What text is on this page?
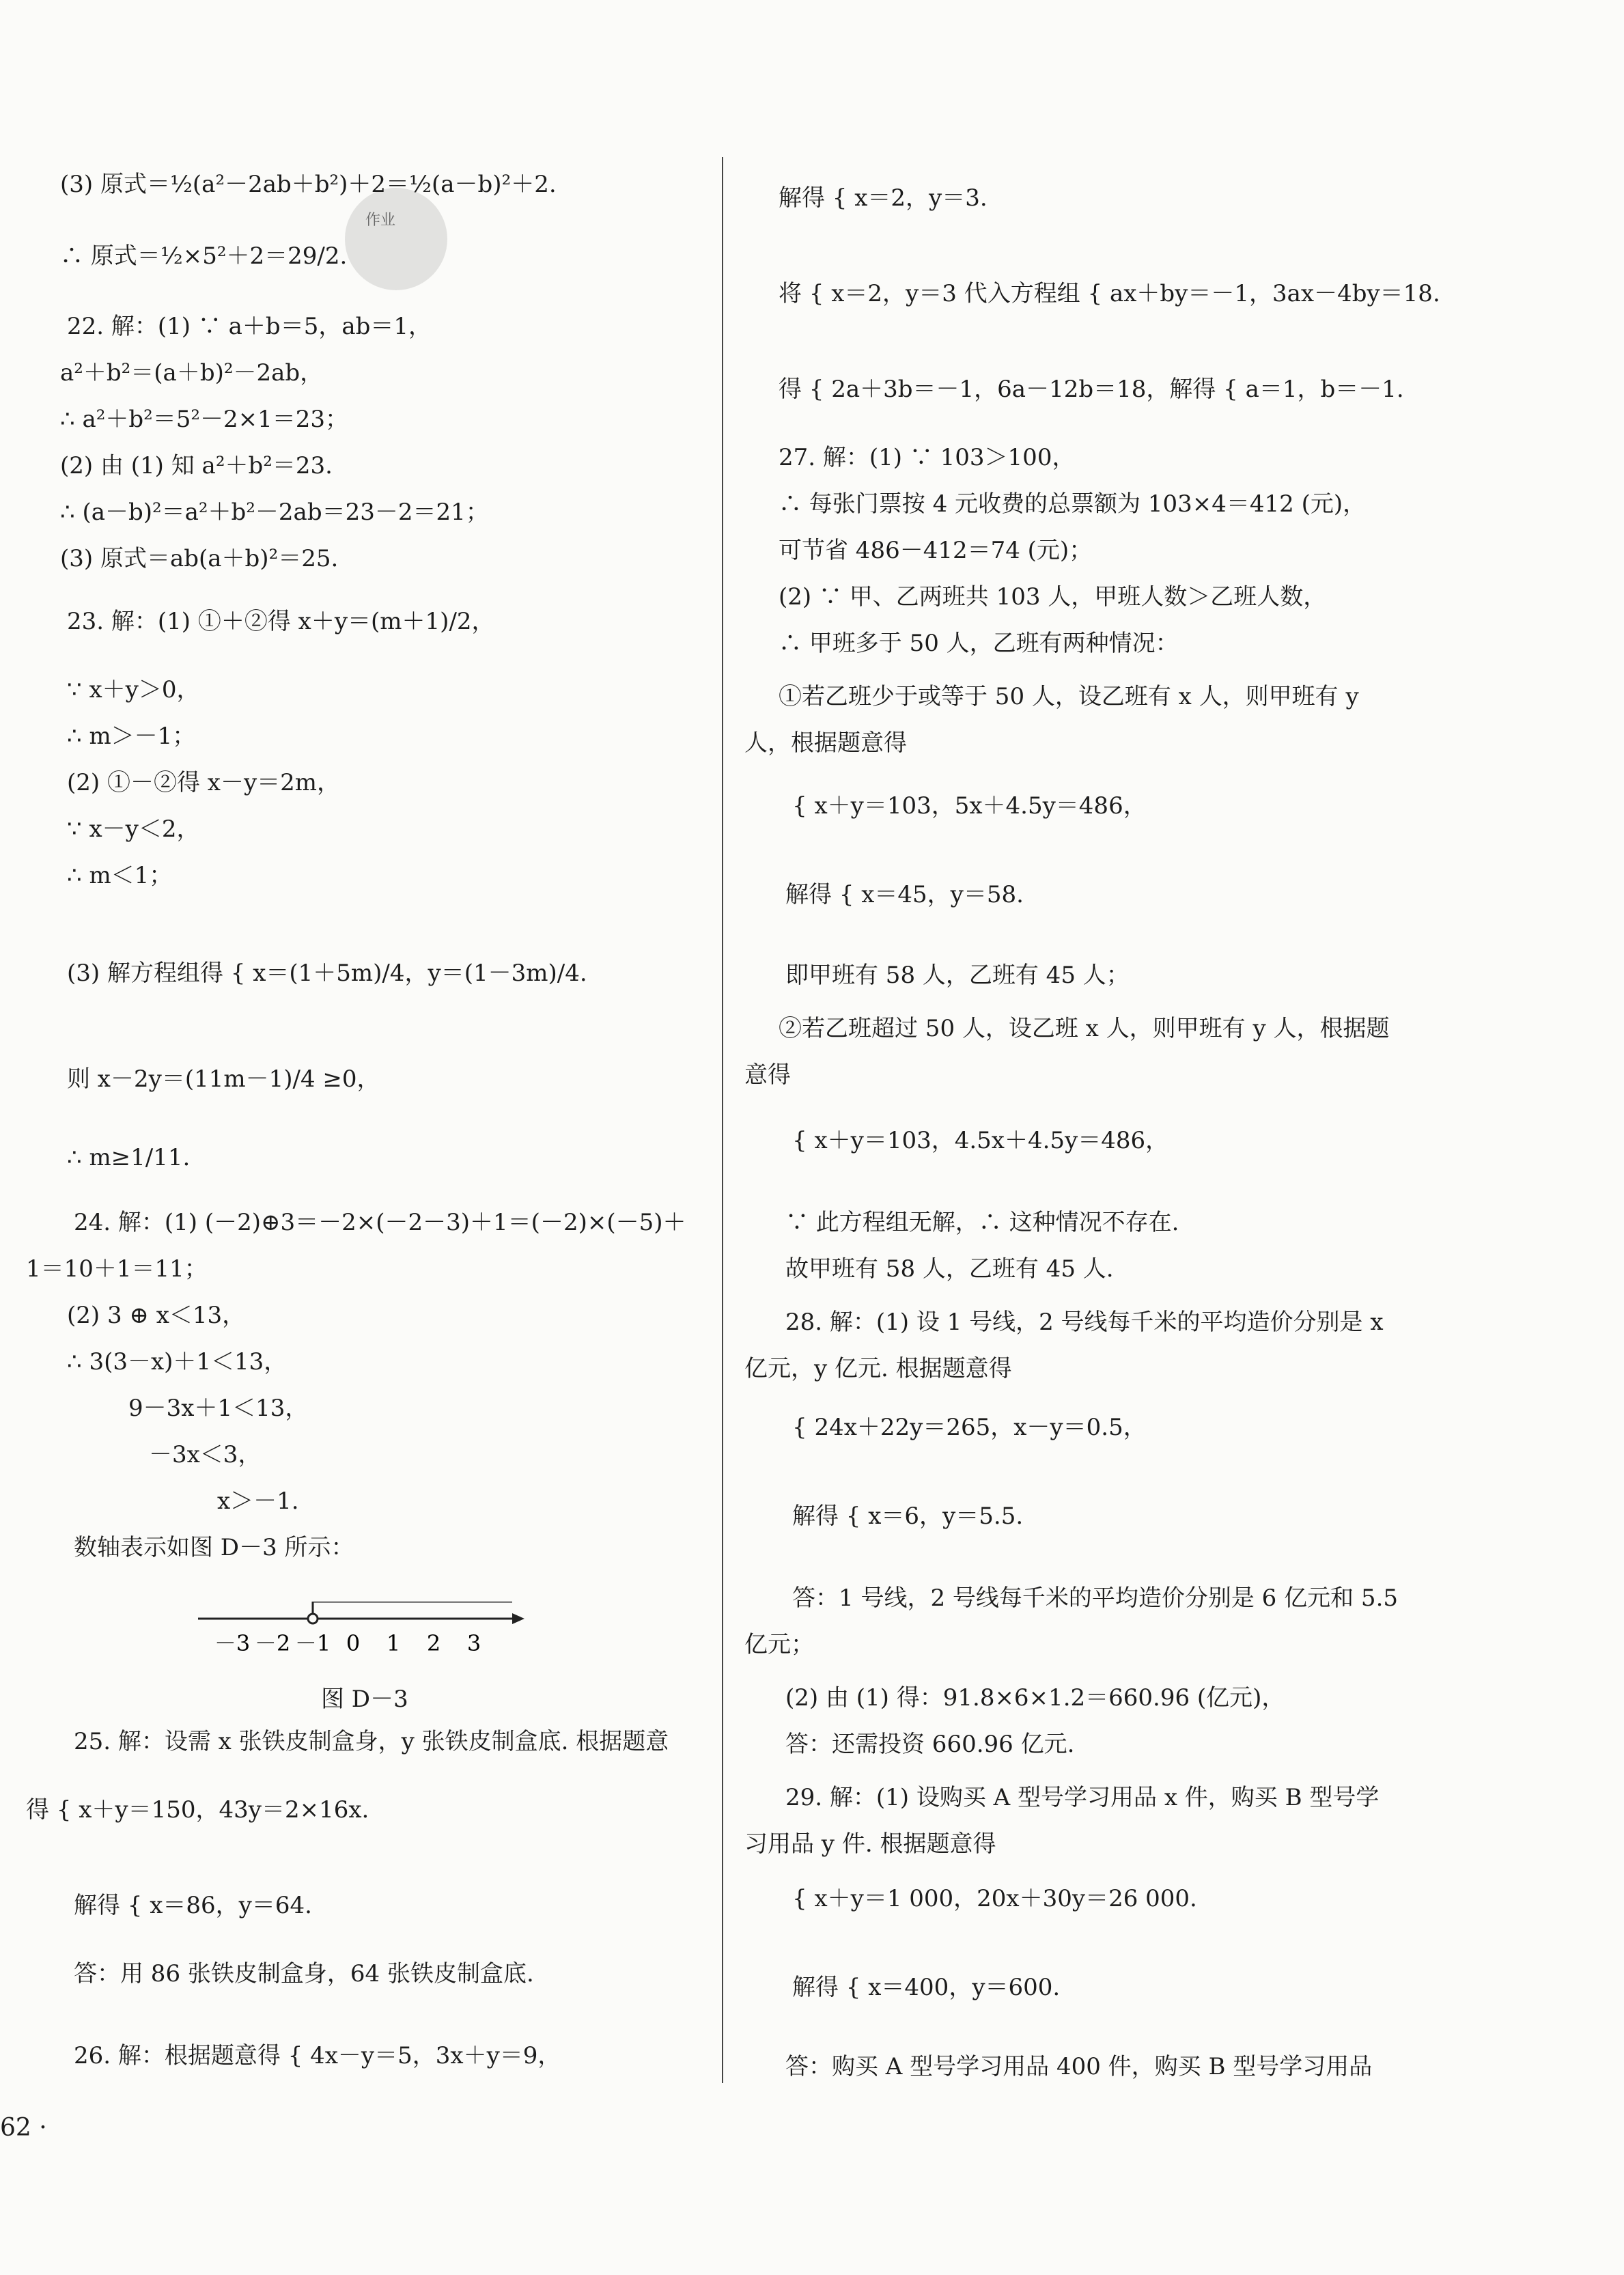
作业
(3) 原式＝½(a²－2ab＋b²)＋2＝½(a－b)²＋2.
∴ 原式＝½×5²＋2＝29/2.
22. 解：(1) ∵ a＋b＝5，ab＝1，
a²＋b²＝(a＋b)²－2ab，
∴ a²＋b²＝5²－2×1＝23；
(2) 由 (1) 知 a²＋b²＝23.
∴ (a－b)²＝a²＋b²－2ab＝23－2＝21；
(3) 原式＝ab(a＋b)²＝25.
23. 解：(1) ①＋②得 x＋y＝(m＋1)/2，
∵ x＋y＞0，
∴ m＞－1；
(2) ①－②得 x－y＝2m，
∵ x－y＜2，
∴ m＜1；
(3) 解方程组得 { x＝(1＋5m)/4，y＝(1－3m)/4.
则 x－2y＝(11m－1)/4 ≥0，
∴ m≥1/11.
24. 解：(1) (－2)⊕3＝－2×(－2－3)＋1＝(－2)×(－5)＋
1＝10＋1＝11；
(2) 3 ⊕ x＜13，
∴ 3(3－x)＋1＜13，
9－3x＋1＜13，
－3x＜3，
x＞－1.
数轴表示如图 D－3 所示：
25. 解：设需 x 张铁皮制盒身，y 张铁皮制盒底. 根据题意
得 { x＋y＝150，43y＝2×16x.
解得 { x＝86，y＝64.
答：用 86 张铁皮制盒身，64 张铁皮制盒底.
26. 解：根据题意得 { 4x－y＝5，3x＋y＝9，
－3 －2 －1 0 1 2 3
图 D－3
解得 { x＝2，y＝3.
将 { x＝2，y＝3 代入方程组 { ax＋by＝－1，3ax－4by＝18.
得 { 2a＋3b＝－1，6a－12b＝18，解得 { a＝1，b＝－1.
27. 解：(1) ∵ 103＞100，
∴ 每张门票按 4 元收费的总票额为 103×4＝412 (元)，
可节省 486－412＝74 (元)；
(2) ∵ 甲、乙两班共 103 人，甲班人数＞乙班人数，
∴ 甲班多于 50 人，乙班有两种情况：
①若乙班少于或等于 50 人，设乙班有 x 人，则甲班有 y
人，根据题意得
{ x＋y＝103，5x＋4.5y＝486，
解得 { x＝45，y＝58.
即甲班有 58 人，乙班有 45 人；
②若乙班超过 50 人，设乙班 x 人，则甲班有 y 人，根据题
意得
{ x＋y＝103，4.5x＋4.5y＝486，
∵ 此方程组无解，∴ 这种情况不存在.
故甲班有 58 人，乙班有 45 人.
28. 解：(1) 设 1 号线，2 号线每千米的平均造价分别是 x
亿元，y 亿元. 根据题意得
{ 24x＋22y＝265，x－y＝0.5，
解得 { x＝6，y＝5.5.
答：1 号线，2 号线每千米的平均造价分别是 6 亿元和 5.5
亿元；
(2) 由 (1) 得：91.8×6×1.2＝660.96 (亿元)，
答：还需投资 660.96 亿元.
29. 解：(1) 设购买 A 型号学习用品 x 件，购买 B 型号学
习用品 y 件. 根据题意得
{ x＋y＝1 000，20x＋30y＝26 000.
解得 { x＝400，y＝600.
答：购买 A 型号学习用品 400 件，购买 B 型号学习用品
62 ·
